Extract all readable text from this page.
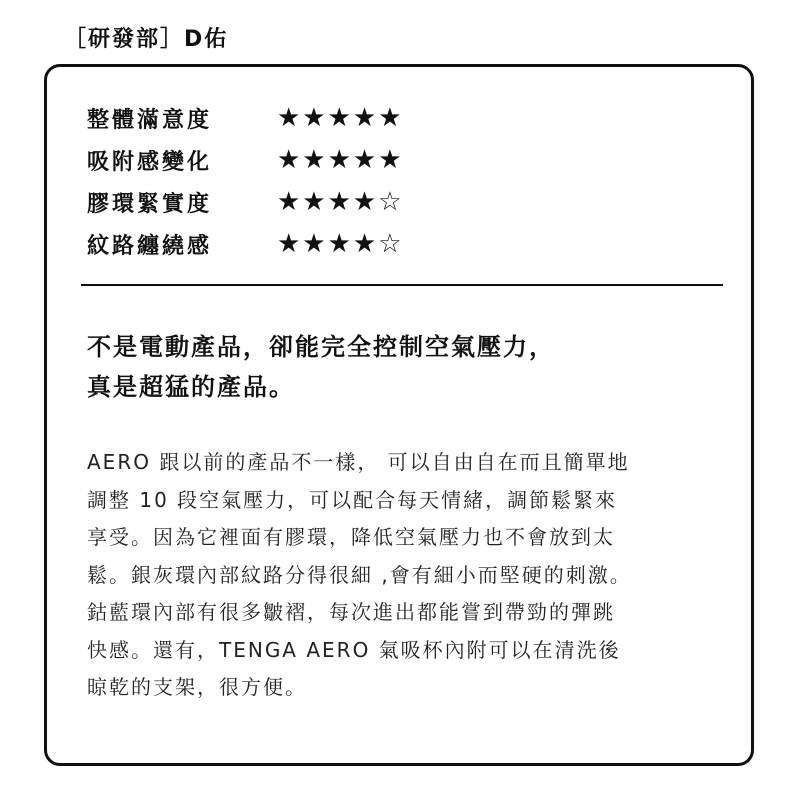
［研發部］D佑
整體滿意度	★★★★★
吸附感變化	★★★★★
膠環緊實度	★★★★☆
紋路纏繞感	★★★★☆
不是電動產品，卻能完全控制空氣壓力，
真是超猛的產品。
AERO 跟以前的產品不一樣， 可以自由自在而且簡單地
調整 10 段空氣壓力，可以配合每天情緒，調節鬆緊來
享受。因為它裡面有膠環，降低空氣壓力也不會放到太
鬆。銀灰環內部紋路分得很細 ,會有細小而堅硬的刺激。
鈷藍環內部有很多皺褶，每次進出都能嘗到帶勁的彈跳
快感。還有，TENGA AERO 氣吸杯內附可以在清洗後
晾乾的支架，很方便。
